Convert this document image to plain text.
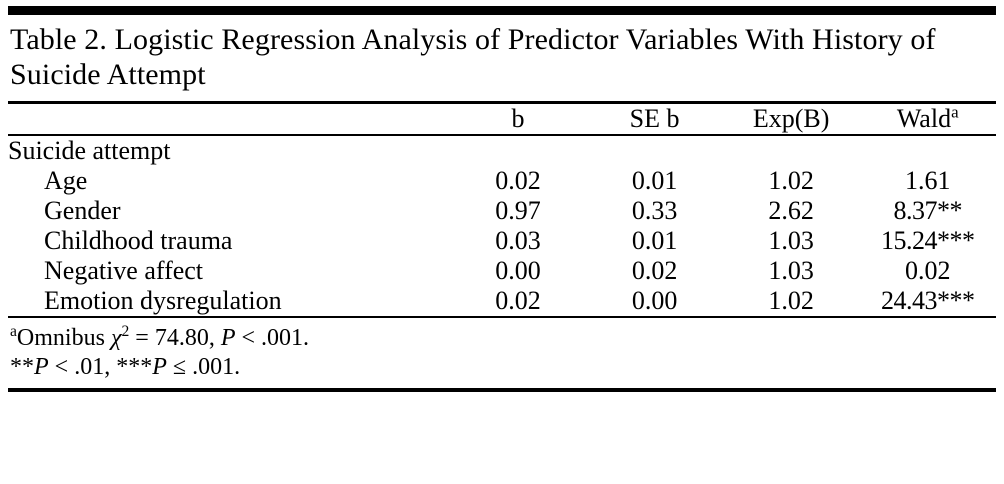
Table 2. Logistic Regression Analysis of Predictor Variables With History of Suicide Attempt
	b	SE b	Exp(B)	Wald$^a$
Suicide attempt				
Age	0.02	0.01	1.02	1.61
Gender	0.97	0.33	2.62	8.37**
Childhood trauma	0.03	0.01	1.03	15.24***
Negative affect	0.00	0.02	1.03	0.02
Emotion dysregulation	0.02	0.00	1.02	24.43***
$^a$Omnibus $\chi^2 = 74.80$, P < .001.
**P < .01, ***P ≤ .001.
